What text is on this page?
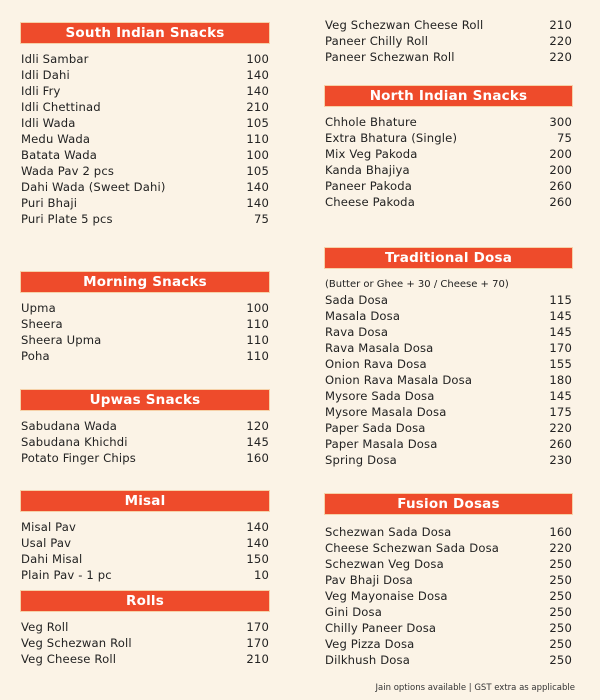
South Indian Snacks
Idli Sambar	100
Idli Dahi	140
Idli Fry	140
Idli Chettinad	210
Idli Wada	105
Medu Wada	110
Batata Wada	100
Wada Pav 2 pcs	105
Dahi Wada (Sweet Dahi)	140
Puri Bhaji	140
Puri Plate 5 pcs	75
Morning Snacks
Upma	100
Sheera	110
Sheera Upma	110
Poha	110
Upwas Snacks
Sabudana Wada	120
Sabudana Khichdi	145
Potato Finger Chips	160
Misal
Misal Pav	140
Usal Pav	140
Dahi Misal	150
Plain Pav - 1 pc	10
Rolls
Veg Roll	170
Veg Schezwan Roll	170
Veg Cheese Roll	210
Veg Schezwan Cheese Roll	210
Paneer Chilly Roll	220
Paneer Schezwan Roll	220
North Indian Snacks
Chhole Bhature	300
Extra Bhatura (Single)	75
Mix Veg Pakoda	200
Kanda Bhajiya	200
Paneer Pakoda	260
Cheese Pakoda	260
Traditional Dosa
(Butter or Ghee + 30 / Cheese + 70)
Sada Dosa	115
Masala Dosa	145
Rava Dosa	145
Rava Masala Dosa	170
Onion Rava Dosa	155
Onion Rava Masala Dosa	180
Mysore Sada Dosa	145
Mysore Masala Dosa	175
Paper Sada Dosa	220
Paper Masala Dosa	260
Spring Dosa	230
Fusion Dosas
Schezwan Sada Dosa	160
Cheese Schezwan Sada Dosa	220
Schezwan Veg Dosa	250
Pav Bhaji Dosa	250
Veg Mayonaise Dosa	250
Gini Dosa	250
Chilly Paneer Dosa	250
Veg Pizza Dosa	250
Dilkhush Dosa	250
Jain options available | GST extra as applicable
